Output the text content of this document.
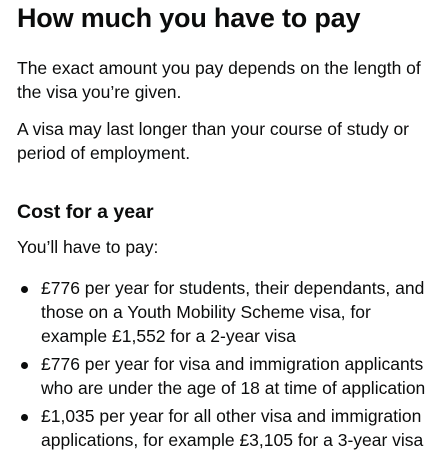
How much you have to pay

The exact amount you pay depends on the length of the visa you’re given.

A visa may last longer than your course of study or period of employment.

Cost for a year

You’ll have to pay:

£776 per year for students, their dependants, and those on a Youth Mobility Scheme visa, for example £1,552 for a 2-year visa
£776 per year for visa and immigration applicants who are under the age of 18 at time of application
£1,035 per year for all other visa and immigration applications, for example £3,105 for a 3-year visa
